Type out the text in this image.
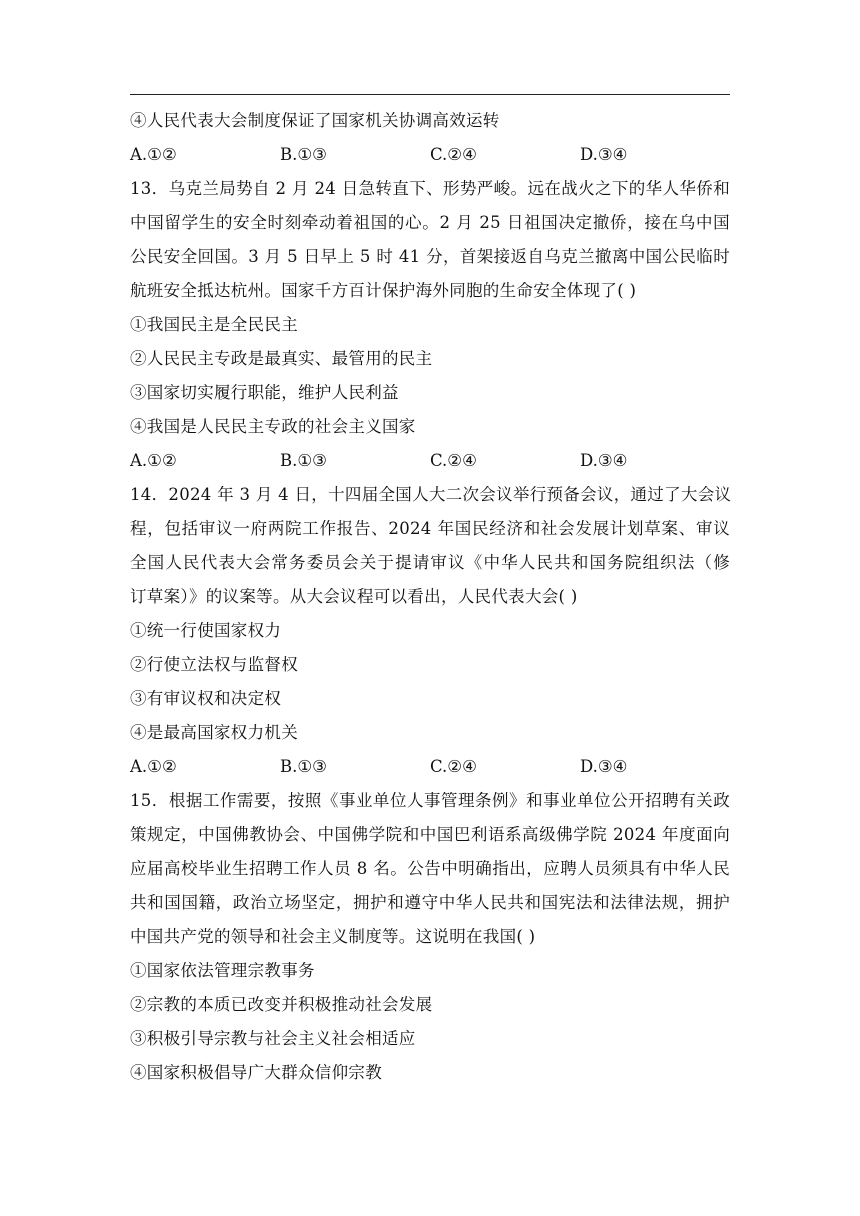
④人民代表大会制度保证了国家机关协调高效运转
A.①②	B.①③	C.②④	D.③④
13．乌克兰局势自 2 月 24 日急转直下、形势严峻。远在战火之下的华人华侨和
中国留学生的安全时刻牵动着祖国的心。2 月 25 日祖国决定撤侨，接在乌中国
公民安全回国。3 月 5 日早上 5 时 41 分，首架接返自乌克兰撤离中国公民临时
航班安全抵达杭州。国家千方百计保护海外同胞的生命安全体现了( )
①我国民主是全民民主
②人民民主专政是最真实、最管用的民主
③国家切实履行职能，维护人民利益
④我国是人民民主专政的社会主义国家
A.①②	B.①③	C.②④	D.③④
14．2024 年 3 月 4 日，十四届全国人大二次会议举行预备会议，通过了大会议
程，包括审议一府两院工作报告、2024 年国民经济和社会发展计划草案、审议
全国人民代表大会常务委员会关于提请审议《中华人民共和国务院组织法（修
订草案）》的议案等。从大会议程可以看出，人民代表大会( )
①统一行使国家权力
②行使立法权与监督权
③有审议权和决定权
④是最高国家权力机关
A.①②	B.①③	C.②④	D.③④
15．根据工作需要，按照《事业单位人事管理条例》和事业单位公开招聘有关政
策规定，中国佛教协会、中国佛学院和中国巴利语系高级佛学院 2024 年度面向
应届高校毕业生招聘工作人员 8 名。公告中明确指出，应聘人员须具有中华人民
共和国国籍，政治立场坚定，拥护和遵守中华人民共和国宪法和法律法规，拥护
中国共产党的领导和社会主义制度等。这说明在我国( )
①国家依法管理宗教事务
②宗教的本质已改变并积极推动社会发展
③积极引导宗教与社会主义社会相适应
④国家积极倡导广大群众信仰宗教
